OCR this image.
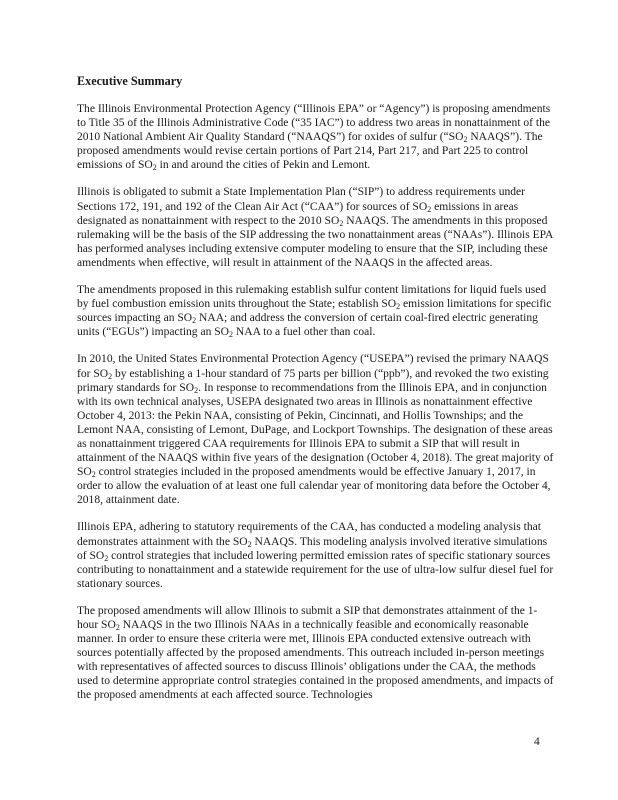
Executive Summary

The Illinois Environmental Protection Agency (“Illinois EPA” or “Agency”) is proposing amendments to Title 35 of the Illinois Administrative Code (“35 IAC”) to address two areas in nonattainment of the 2010 National Ambient Air Quality Standard (“NAAQS”) for oxides of sulfur (“$SO_2$ NAAQS”). The proposed amendments would revise certain portions of Part 214, Part 217, and Part 225 to control emissions of $SO_2$ in and around the cities of Pekin and Lemont.

Illinois is obligated to submit a State Implementation Plan (“SIP”) to address requirements under Sections 172, 191, and 192 of the Clean Air Act (“CAA”) for sources of $SO_2$ emissions in areas designated as nonattainment with respect to the 2010 $SO_2$ NAAQS. The amendments in this proposed rulemaking will be the basis of the SIP addressing the two nonattainment areas (“NAAs”). Illinois EPA has performed analyses including extensive computer modeling to ensure that the SIP, including these amendments when effective, will result in attainment of the NAAQS in the affected areas.

The amendments proposed in this rulemaking establish sulfur content limitations for liquid fuels used by fuel combustion emission units throughout the State; establish $SO_2$ emission limitations for specific sources impacting an $SO_2$ NAA; and address the conversion of certain coal-fired electric generating units (“EGUs”) impacting an $SO_2$ NAA to a fuel other than coal.

In 2010, the United States Environmental Protection Agency (“USEPA”) revised the primary NAAQS for $SO_2$ by establishing a 1-hour standard of 75 parts per billion (“ppb”), and revoked the two existing primary standards for $SO_2$. In response to recommendations from the Illinois EPA, and in conjunction with its own technical analyses, USEPA designated two areas in Illinois as nonattainment effective October 4, 2013: the Pekin NAA, consisting of Pekin, Cincinnati, and Hollis Townships; and the Lemont NAA, consisting of Lemont, DuPage, and Lockport Townships. The designation of these areas as nonattainment triggered CAA requirements for Illinois EPA to submit a SIP that will result in attainment of the NAAQS within five years of the designation (October 4, 2018). The great majority of $SO_2$ control strategies included in the proposed amendments would be effective January 1, 2017, in order to allow the evaluation of at least one full calendar year of monitoring data before the October 4, 2018, attainment date.

Illinois EPA, adhering to statutory requirements of the CAA, has conducted a modeling analysis that demonstrates attainment with the $SO_2$ NAAQS. This modeling analysis involved iterative simulations of $SO_2$ control strategies that included lowering permitted emission rates of specific stationary sources contributing to nonattainment and a statewide requirement for the use of ultra-low sulfur diesel fuel for stationary sources.

The proposed amendments will allow Illinois to submit a SIP that demonstrates attainment of the 1-hour $SO_2$ NAAQS in the two Illinois NAAs in a technically feasible and economically reasonable manner. In order to ensure these criteria were met, Illinois EPA conducted extensive outreach with sources potentially affected by the proposed amendments. This outreach included in-person meetings with representatives of affected sources to discuss Illinois’ obligations under the CAA, the methods used to determine appropriate control strategies contained in the proposed amendments, and impacts of the proposed amendments at each affected source. Technologies

4
